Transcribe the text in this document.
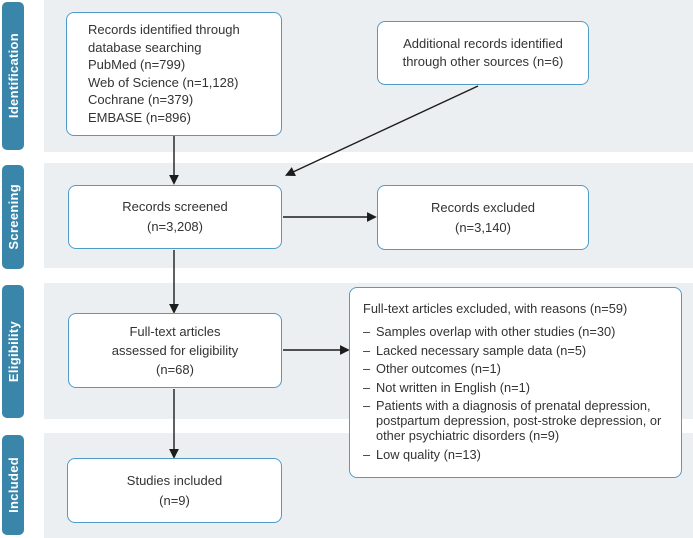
Identification
Screening
Eligibility
Included
Records identified through
database searching
PubMed (n=799)
Web of Science (n=1,128)
Cochrane (n=379)
EMBASE (n=896)
Additional records identified
through other sources (n=6)
Records screened
(n=3,208)
Records excluded
(n=3,140)
Full-text articles
assessed for eligibility
(n=68)
Full-text articles excluded, with reasons (n=59)
– Samples overlap with other studies (n=30)
– Lacked necessary sample data (n=5)
– Other outcomes (n=1)
– Not written in English (n=1)
– Patients with a diagnosis of prenatal depression, postpartum depression, post-stroke depression, or other psychiatric disorders (n=9)
– Low quality (n=13)
Studies included
(n=9)
